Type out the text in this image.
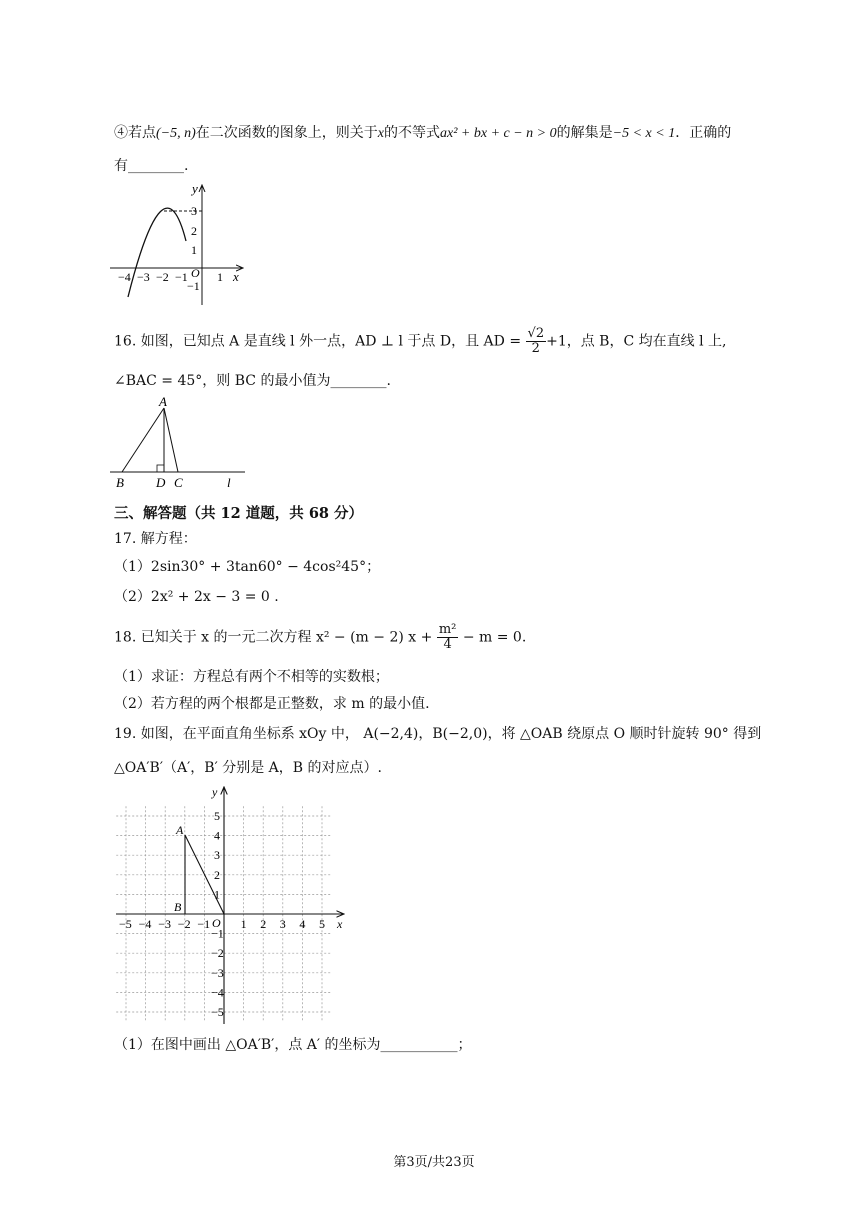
④若点(−5, n)在二次函数的图象上，则关于x的不等式ax² + bx + c − n > 0的解集是−5 < x < 1．正确的
有________.
−4 −3 −2 −1 1
3
2
1
−1
O	x
y
16. 如图，已知点 A 是直线 l 外一点，AD ⊥ l 于点 D，且 AD = $\frac{√2}{2} +1$，点 B，C 均在直线 l 上,
∠BAC = 45°，则 BC 的最小值为________.
A
B D C	l
三、解答题（共 12 道题，共 68 分）
17. 解方程：
（1）2sin30° + 3tan60° − 4cos²45°；
（2）2x² + 2x − 3 = 0 .
18. 已知关于 x 的一元二次方程 x² − (m − 2) $x + \frac{\text{m²}}{4} - m = 0$.
（1）求证：方程总有两个不相等的实数根；
（2）若方程的两个根都是正整数，求 m 的最小值.
19. 如图，在平面直角坐标系 xOy 中， A(−2,4)，B(−2,0)，将 △OAB 绕原点 O 顺时针旋转 90° 得到
△OA′B′（A′，B′ 分别是 A，B 的对应点）.
−5 −4 −3 −2 −1	1 2 3 4 5
5
4
3
2
1
−1
−2
−3
−4
−5
A
B
O	x
y
（1）在图中画出 △OA′B′，点 A′ 的坐标为___________；
第3页/共23页
